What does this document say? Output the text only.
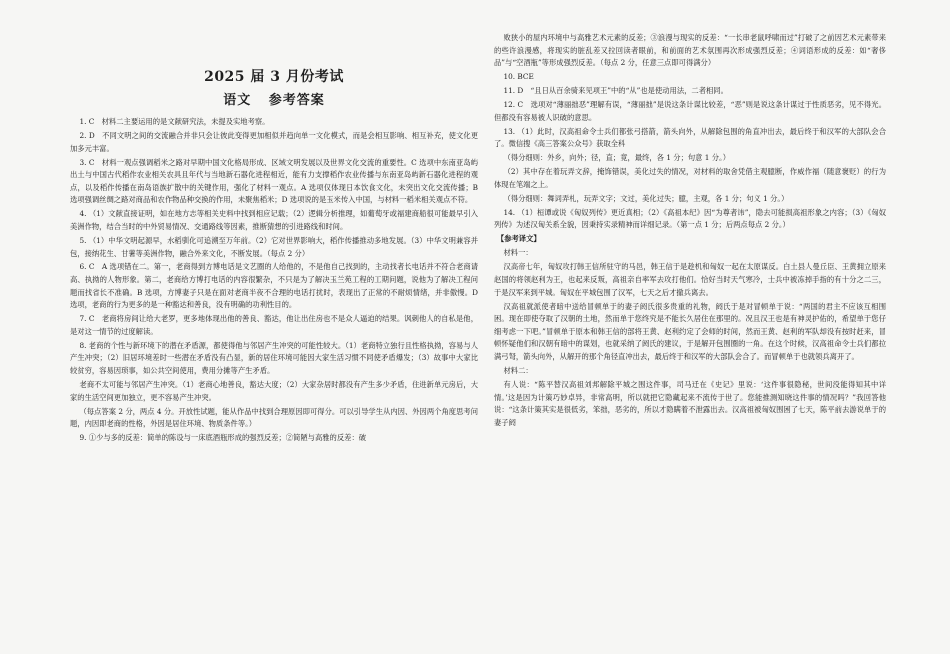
2025 届 3 月份考试
语文 参考答案

1. C　材料二主要运用的是文献研究法，未提及实地考察。

2. D　不同文明之间的交流融合并非只会让彼此变得更加相似并趋向单一文化模式，而是会相互影响、相互补充，使文化更加多元丰富。

3. C　材料一观点强调稻米之路对早期中国文化格局形成、区域文明发展以及世界文化交流的重要性。C 选项中东南亚岛屿出土与中国古代稻作农业相关农具且年代与当地新石器化进程相近，能有力支撑稻作农业传播与东南亚岛屿新石器化进程的观点，以及稻作传播在南岛语族扩散中的关键作用，强化了材料一观点。A 选项仅体现日本饮食文化，未突出文化交流传播；B 选项强调丝绸之路对商品和农作物品种交换的作用，未聚焦稻米；D 选项说的是玉米传入中国，与材料一稻米相关观点不符。

4. （1）文献直接证明，如在地方志等相关史料中找到相应记载；（2）逻辑分析推理，如葡萄牙或福建商船很可能最早引入美洲作物，结合当时的中外贸易情况、交通路线等因素，推断猜想的引进路线和时间。

5. （1）中华文明起源早，水稻驯化可追溯至万年前。（2）它对世界影响大，稻作传播推动多地发展。（3）中华文明兼容并包，接纳花生、甘薯等美洲作物，融合外来文化，不断发展。（每点 2 分）

6. C　A 选项错在二。第一，老商得到方博电话是文艺圈的人给他的，不是他自己找到的，主动找者长电话并不符合老商请高、执拗的人物形象。第二，老商给方博打电话的内容很繁杂，不只是为了解决玉兰苑工程的工期问题，说他为了解决工程问题而找省长不准确。B 选项，方博妻子只是在面对老商半夜不合理的电话打扰时，表现出了正常的不耐烦情绪，并非傲慢。D 选项，老商的行为更多的是一种豁达和善良，没有明确的功利性目的。

7. C　老商将房间让给大老罗，更多地体现出他的善良、豁达，他让出住房也不是众人逼迫的结果。讽刺他人的自私是他，是对这一情节的过度解读。

8. 老商的个性与新环境下的潜在矛盾源，都使得他与邻居产生冲突的可能性较大。（1）老商特立独行且性格执拗，容易与人产生冲突；（2）旧居环境差时一些潜在矛盾没有凸显，新的居住环境可能因大家生活习惯不同使矛盾爆发；（3）故事中大家比较贫穷，容易因琐事，如公共空间使用，费用分摊等产生矛盾。

老商不太可能与邻居产生冲突。（1）老商心地善良，豁达大度；（2）大家杂居时都没有产生多少矛盾，住进新单元房后，大家的生活空间更加独立，更不容易产生冲突。

（每点答案 2 分，两点 4 分。开放性试题，能从作品中找到合理原因即可得分。可以引导学生从内因、外因两个角度思考问题，内因即老商的性格，外因是居住环境、物质条件等。）

9. ①少与多的反差：简单的陈设与一床底酒瓶形成的强烈反差；②简陋与高雅的反差：破

败狭小的屋内环境中与高雅艺术元素的反差；③浪漫与现实的反差：“一长串老鼠呼啸而过”打破了之前因艺术元素带来的些许浪漫感，将现实的脏乱差又拉回读者眼前，和前面的艺术氛围再次形成强烈反差；④词语形成的反差：如“奢侈品”与“空酒瓶”等形成强烈反差。（每点 2 分，任意三点即可得满分）

10. BCE

11. D　“且日从百余骑来见项王”中的“从”也是使动用法，二者相同。

12. C　选项对“薄丽拙恶”理解有误，“薄丽拙”是说这条计谋比较差，“恶”则是说这条计谋过于性质恶劣，见不得光。但都没有容易被人识破的意思。

13. （1）此时，汉高祖命令士兵们都张弓搭箭，箭头向外，从解除包围的角直冲出去，最后终于和汉军的大部队会合了。微信搜《高三答案公众号》获取全科

（得分细则：外乡，向外；径，直；竟，最终，各 1 分；句意 1 分。）

（2）其中存在着玩弄文辞，掩饰错误，美化过失的情况，对材料的取舍凭借主观臆断，作威作福（随意褒贬）的行为体现在笔端之上。

（得分细则：舞词弄札，玩弄文字；文过，美化过失；臆，主观，各 1 分；句义 1 分。）

14. （1）桓谭或说《匈奴列传》更近真相；（2）《高祖本纪》因“为尊者讳”，隐去可能损高祖形象之内容；（3）《匈奴列传》为述汉匈关系全貌，因秉持实录精神而详细记录。（第一点 1 分；后两点每点 2 分。）

【参考译文】

材料一：

汉高帝七年，匈奴攻打韩王信所驻守的马邑，韩王信于是趁机和匈奴一起在太原谋反。白土县人曼丘臣、王黄拥立原来赵国的将领赵利为王，也起来反叛，高祖亲自率军去攻打他们。恰好当时天气寒冷，士兵中被冻掉手指的有十分之二三，于是汉军来到平城。匈奴在平城包围了汉军，七天之后才撤兵离去。

汉高祖就派使者暗中送给冒顿单于的妻子阏氏很多贵重的礼物，阏氏于是对冒顿单于说：“两国的君主不应该互相围困。现在即使夺取了汉朝的土地，然而单于您终究是不能长久居住在那里的。况且汉王也是有神灵护佑的，希望单于您仔细考虑一下吧。”冒顿单于原本和韩王信的部将王黄、赵利约定了会师的时间，然而王黄、赵利的军队却没有按时赶来，冒顿怀疑他们和汉朝有暗中的谋划，也就采纳了阏氏的建议，于是解开包围圈的一角。在这个时候，汉高祖命令士兵们都拉满弓弩，箭头向外，从解开的那个角径直冲出去，最后终于和汉军的大部队会合了。而冒顿单于也就领兵离开了。

材料二：

有人说：“陈平替汉高祖刘邦解除平城之围这件事，司马迁在《史记》里说：‘这件事很隐秘，世间没能得知其中详情。’这是因为计策巧妙卓异，非常高明，所以就把它隐藏起来不流传于世了。您能推测知晓这件事的情况吗？”我回答他说：“这条计策其实是很低劣，笨拙，恶劣的，所以才隐瞒着不泄露出去。汉高祖被匈奴围困了七天，陈平前去游说单于的妻子阏
